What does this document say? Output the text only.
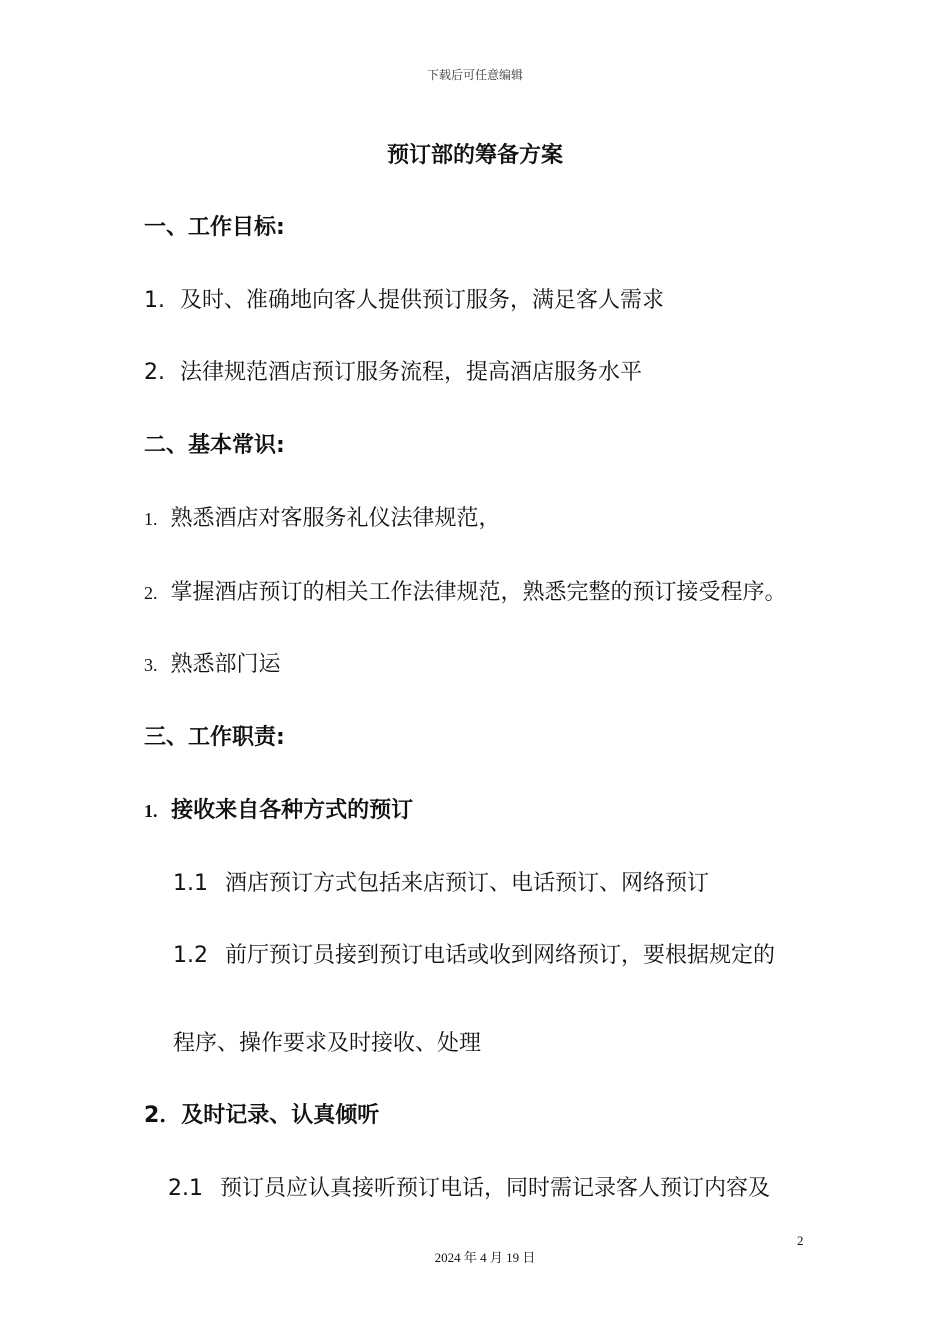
下载后可任意编辑
预订部的筹备方案
一、工作目标:
1. 及时、准确地向客人提供预订服务，满足客人需求
2. 法律规范酒店预订服务流程，提高酒店服务水平
二、基本常识:
1. 熟悉酒店对客服务礼仪法律规范，
2. 掌握酒店预订的相关工作法律规范，熟悉完整的预订接受程序。
3. 熟悉部门运
三、工作职责:
1. 接收来自各种方式的预订
1.1 酒店预订方式包括来店预订、电话预订、网络预订
1.2 前厅预订员接到预订电话或收到网络预订，要根据规定的
程序、操作要求及时接收、处理
2．及时记录、认真倾听
2.1 预订员应认真接听预订电话，同时需记录客人预订内容及
2
2024 年 4 月 19 日
